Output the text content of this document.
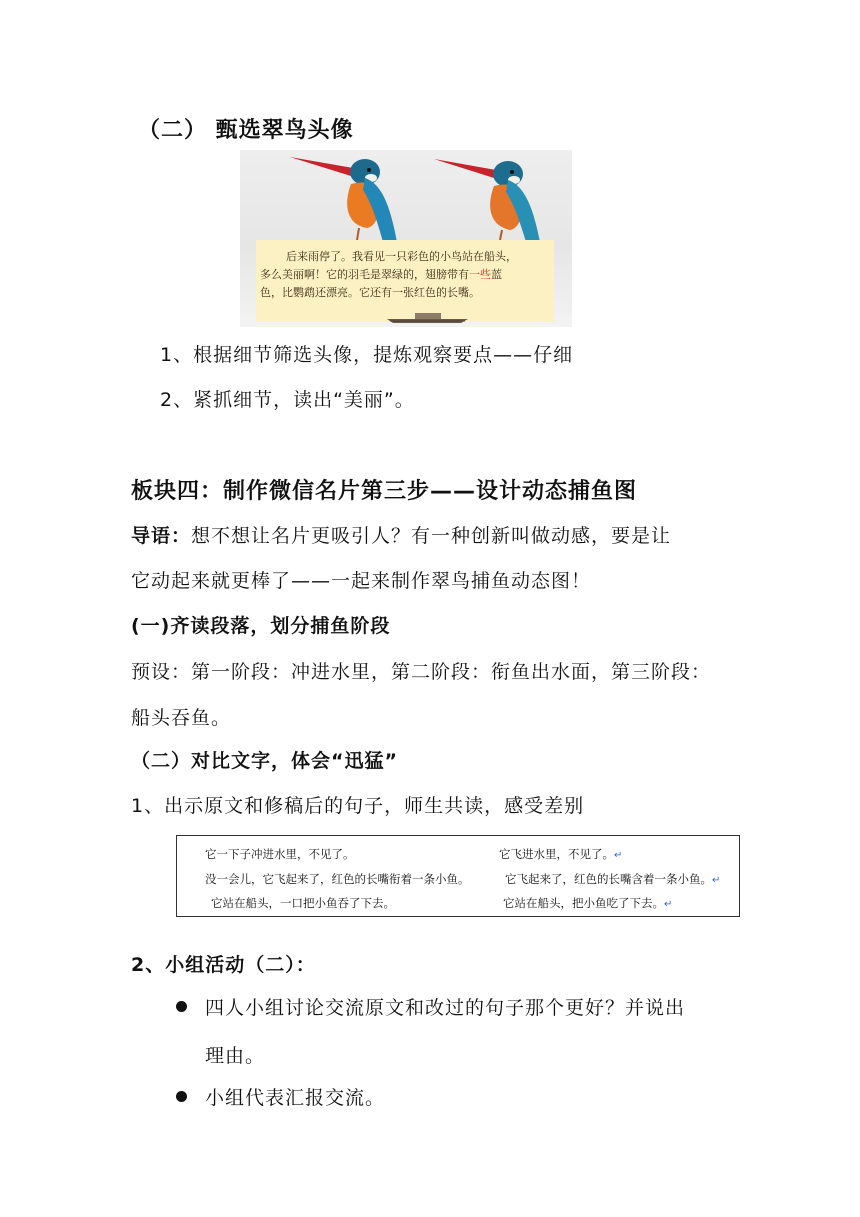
（二） 甄选翠鸟头像
后来雨停了。我看见一只彩色的小鸟站在船头，
多么美丽啊！它的羽毛是翠绿的，翅膀带有一些蓝
色，比鹦鹉还漂亮。它还有一张红色的长嘴。
1、根据细节筛选头像，提炼观察要点——仔细
2、紧抓细节，读出“美丽”。
板块四：制作微信名片第三步——设计动态捕鱼图
导语：想不想让名片更吸引人？有一种创新叫做动感，要是让
它动起来就更棒了——一起来制作翠鸟捕鱼动态图！
(一)齐读段落，划分捕鱼阶段
预设：第一阶段：冲进水里，第二阶段：衔鱼出水面，第三阶段：
船头吞鱼。
（二）对比文字，体会“迅猛”
1、出示原文和修稿后的句子，师生共读，感受差别
它一下子冲进水里，不见了。
没一会儿，它飞起来了，红色的长嘴衔着一条小鱼。
它站在船头，一口把小鱼吞了下去。
它飞进水里，不见了。↵
它飞起来了，红色的长嘴含着一条小鱼。↵
它站在船头，把小鱼吃了下去。↵
2、小组活动（二）：
四人小组讨论交流原文和改过的句子那个更好？并说出
理由。
小组代表汇报交流。
